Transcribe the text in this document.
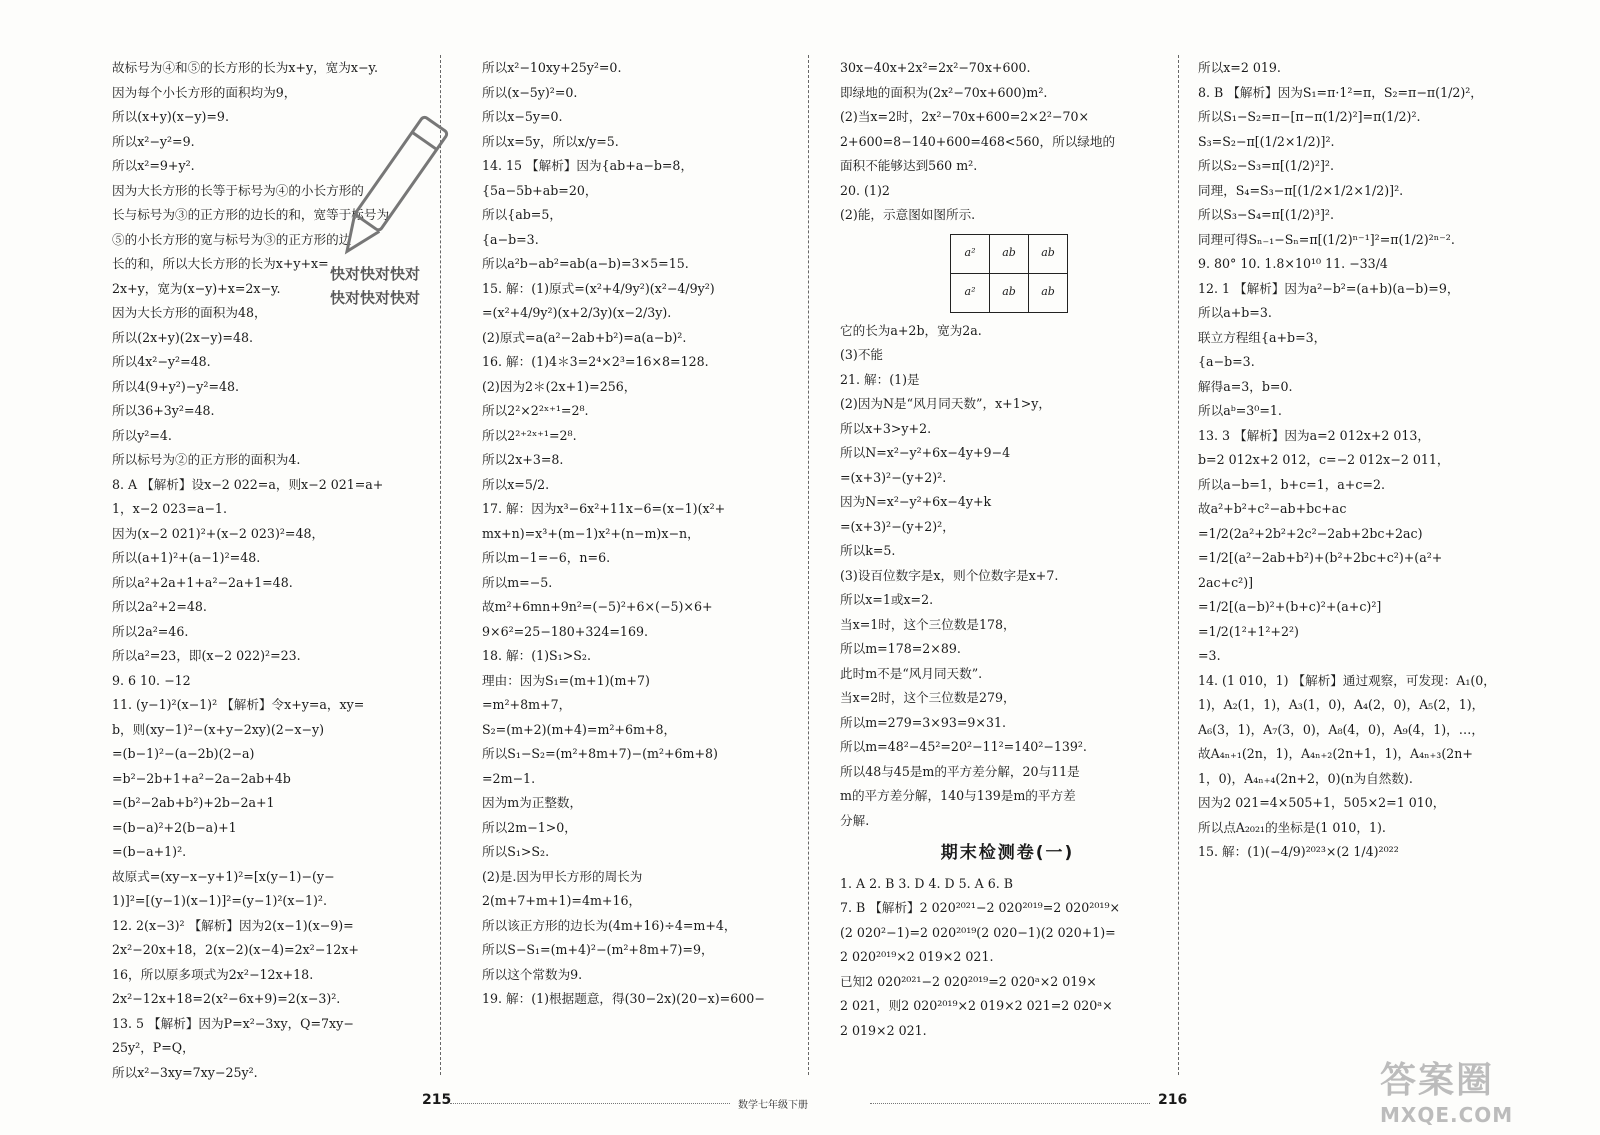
故标号为④和⑤的长方形的长为x+y，宽为x−y.
因为每个小长方形的面积均为9，
所以(x+y)(x−y)=9.
所以x²−y²=9.
所以x²=9+y².
因为大长方形的长等于标号为④的小长方形的
长与标号为③的正方形的边长的和，宽等于标号为
⑤的小长方形的宽与标号为③的正方形的边
长的和，所以大长方形的长为x+y+x=
2x+y，宽为(x−y)+x=2x−y.
因为大长方形的面积为48，
所以(2x+y)(2x−y)=48.
所以4x²−y²=48.
所以4(9+y²)−y²=48.
所以36+3y²=48.
所以y²=4.
所以标号为②的正方形的面积为4.
8. A 【解析】设x−2 022=a，则x−2 021=a+
1，x−2 023=a−1.
因为(x−2 021)²+(x−2 023)²=48，
所以(a+1)²+(a−1)²=48.
所以a²+2a+1+a²−2a+1=48.
所以2a²+2=48.
所以2a²=46.
所以a²=23，即(x−2 022)²=23.
9. 6 10. −12
11. (y−1)²(x−1)² 【解析】令x+y=a，xy=
b，则(xy−1)²−(x+y−2xy)(2−x−y)
=(b−1)²−(a−2b)(2−a)
=b²−2b+1+a²−2a−2ab+4b
=(b²−2ab+b²)+2b−2a+1
=(b−a)²+2(b−a)+1
=(b−a+1)².
故原式=(xy−x−y+1)²=[x(y−1)−(y−
1)]²=[(y−1)(x−1)]²=(y−1)²(x−1)².
12. 2(x−3)² 【解析】因为2(x−1)(x−9)=
2x²−20x+18，2(x−2)(x−4)=2x²−12x+
16，所以原多项式为2x²−12x+18.
2x²−12x+18=2(x²−6x+9)=2(x−3)².
13. 5 【解析】因为P=x²−3xy，Q=7xy−
25y²，P=Q，
所以x²−3xy=7xy−25y².
所以x²−10xy+25y²=0.
所以(x−5y)²=0.
所以x−5y=0.
所以x=5y，所以x/y=5.
14. 15 【解析】因为{ab+a−b=8，
{5a−5b+ab=20，
所以{ab=5，
{a−b=3.
所以a²b−ab²=ab(a−b)=3×5=15.
15. 解：(1)原式=(x²+4/9y²)(x²−4/9y²)
=(x²+4/9y²)(x+2/3y)(x−2/3y).
(2)原式=a(a²−2ab+b²)=a(a−b)².
16. 解：(1)4＊3=2⁴×2³=16×8=128.
(2)因为2＊(2x+1)=256，
所以2²×2²ˣ⁺¹=2⁸.
所以2²⁺²ˣ⁺¹=2⁸.
所以2x+3=8.
所以x=5/2.
17. 解：因为x³−6x²+11x−6=(x−1)(x²+
mx+n)=x³+(m−1)x²+(n−m)x−n，
所以m−1=−6，n=6.
所以m=−5.
故m²+6mn+9n²=(−5)²+6×(−5)×6+
9×6²=25−180+324=169.
18. 解：(1)S₁>S₂.
理由：因为S₁=(m+1)(m+7)
=m²+8m+7，
S₂=(m+2)(m+4)=m²+6m+8，
所以S₁−S₂=(m²+8m+7)−(m²+6m+8)
=2m−1.
因为m为正整数，
所以2m−1>0，
所以S₁>S₂.
(2)是.因为甲长方形的周长为
2(m+7+m+1)=4m+16，
所以该正方形的边长为(4m+16)÷4=m+4，
所以S−S₁=(m+4)²−(m²+8m+7)=9，
所以这个常数为9.
19. 解：(1)根据题意，得(30−2x)(20−x)=600−
30x−40x+2x²=2x²−70x+600.
即绿地的面积为(2x²−70x+600)m².
(2)当x=2时，2x²−70x+600=2×2²−70×
2+600=8−140+600=468<560，所以绿地的
面积不能够达到560 m².
20. (1)2
(2)能，示意图如图所示.
a²	ab	ab
a²	ab	ab
它的长为a+2b，宽为2a.
(3)不能
21. 解：(1)是
(2)因为N是“风月同天数”，x+1>y，
所以x+3>y+2.
所以N=x²−y²+6x−4y+9−4
=(x+3)²−(y+2)².
因为N=x²−y²+6x−4y+k
=(x+3)²−(y+2)²，
所以k=5.
(3)设百位数字是x，则个位数字是x+7.
所以x=1或x=2.
当x=1时，这个三位数是178，
所以m=178=2×89.
此时m不是“风月同天数”.
当x=2时，这个三位数是279，
所以m=279=3×93=9×31.
所以m=48²−45²=20²−11²=140²−139².
所以48与45是m的平方差分解，20与11是
m的平方差分解，140与139是m的平方差
分解.
期末检测卷(一)
1. A 2. B 3. D 4. D 5. A 6. B
7. B 【解析】2 020²⁰²¹−2 020²⁰¹⁹=2 020²⁰¹⁹×
(2 020²−1)=2 020²⁰¹⁹(2 020−1)(2 020+1)=
2 020²⁰¹⁹×2 019×2 021.
已知2 020²⁰²¹−2 020²⁰¹⁹=2 020ᵃ×2 019×
2 021，则2 020²⁰¹⁹×2 019×2 021=2 020ᵃ×
2 019×2 021.
所以x=2 019.
8. B 【解析】因为S₁=π·1²=π，S₂=π−π(1/2)²，
所以S₁−S₂=π−[π−π(1/2)²]=π(1/2)².
S₃=S₂−π[(1/2×1/2)]².
所以S₂−S₃=π[(1/2)²]².
同理，S₄=S₃−π[(1/2×1/2×1/2)]².
所以S₃−S₄=π[(1/2)³]².
同理可得Sₙ₋₁−Sₙ=π[(1/2)ⁿ⁻¹]²=π(1/2)²ⁿ⁻².
9. 80° 10. 1.8×10¹⁰ 11. −33/4
12. 1 【解析】因为a²−b²=(a+b)(a−b)=9，
所以a+b=3.
联立方程组{a+b=3，
{a−b=3.
解得a=3，b=0.
所以aᵇ=3⁰=1.
13. 3 【解析】因为a=2 012x+2 013，
b=2 012x+2 012，c=−2 012x−2 011，
所以a−b=1，b+c=1，a+c=2.
故a²+b²+c²−ab+bc+ac
=1/2(2a²+2b²+2c²−2ab+2bc+2ac)
=1/2[(a²−2ab+b²)+(b²+2bc+c²)+(a²+
2ac+c²)]
=1/2[(a−b)²+(b+c)²+(a+c)²]
=1/2(1²+1²+2²)
=3.
14. (1 010，1) 【解析】通过观察，可发现：A₁(0，
1)，A₂(1，1)，A₃(1，0)，A₄(2，0)，A₅(2，1)，
A₆(3，1)，A₇(3，0)，A₈(4，0)，A₉(4，1)，…，
故A₄ₙ₊₁(2n，1)，A₄ₙ₊₂(2n+1，1)，A₄ₙ₊₃(2n+
1，0)，A₄ₙ₊₄(2n+2，0)(n为自然数).
因为2 021=4×505+1，505×2=1 010，
所以点A₂₀₂₁的坐标是(1 010，1).
15. 解：(1)(−4/9)²⁰²³×(2 1/4)²⁰²²
快对快对快对
快对快对快对
215	数学七年级下册	216	答案圈
MXQE.COM
